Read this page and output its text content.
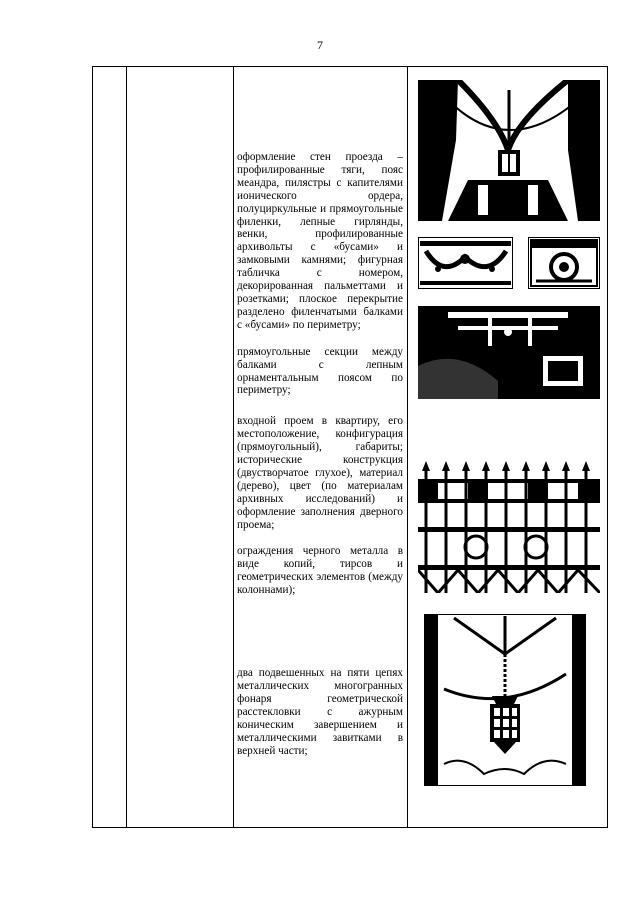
7

оформление стен проезда – профилированные тяги, пояс меандра, пилястры с капителями ионического ордера, полуциркульные и прямоугольные филенки, лепные гирлянды, венки, профилированные архивольты с «бусами» и замковыми камнями; фигурная табличка с номером, декорированная пальметтами и розетками; плоское перекрытие разделено филенчатыми балками с «бусами» по периметру;

прямоугольные секции между балками с лепным орнаментальным поясом по периметру;

входной проем в квартиру, его местоположение, конфигурация (прямоугольный), габариты; исторические конструкция (двустворчатое глухое), материал (дерево), цвет (по материалам архивных исследований) и оформление заполнения дверного проема;

ограждения черного металла в виде копий, тирсов и геометрических элементов (между колоннами);

два подвешенных на пяти цепях металлических многогранных фонаря геометрической расстекловки с ажурным коническим завершением и металлическими завитками в верхней части;
